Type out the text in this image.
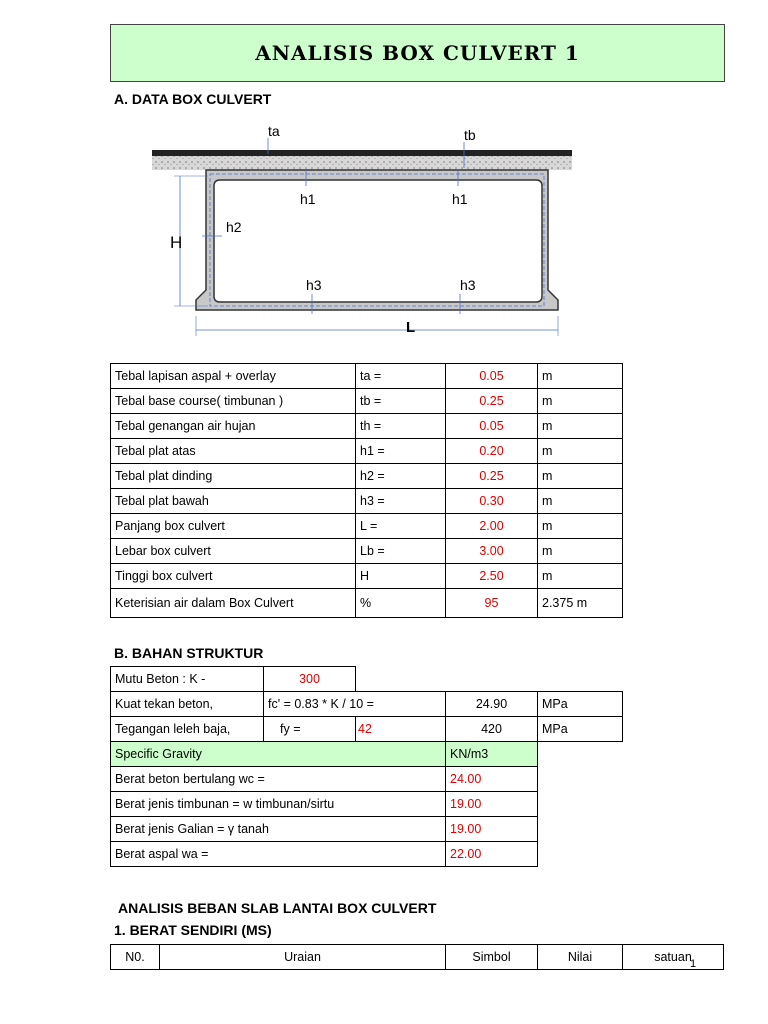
ANALISIS BOX CULVERT 1
A. DATA BOX CULVERT
H
L
ta	tb
h1	h1
h2
h3	h3
Tebal lapisan aspal + overlay	ta =	0.05	m
Tebal base course( timbunan )	tb =	0.25	m
Tebal genangan air hujan	th =	0.05	m
Tebal plat atas	h1 =	0.20	m
Tebal plat dinding	h2 =	0.25	m
Tebal plat bawah	h3 =	0.30	m
Panjang box culvert	L =	2.00	m
Lebar box culvert	Lb =	3.00	m
Tinggi box culvert	H	2.50	m
Keterisian air dalam Box Culvert	%	95	2.375 m
B. BAHAN STRUKTUR
Mutu Beton : K -	300			
Kuat tekan beton,	fc' = 0.83 * K / 10 =		24.90	MPa
Tegangan leleh baja,	fy =	42	420	MPa
Specific Gravity			KN/m3	
Berat beton bertulang wc =			24.00	
Berat jenis timbunan = w timbunan/sirtu			19.00	
Berat jenis Galian = γ tanah			19.00	
Berat aspal wa =			22.00	
ANALISIS BEBAN SLAB LANTAI BOX CULVERT
1. BERAT SENDIRI (MS)
N0.	Uraian	Simbol	Nilai	satuan
1
